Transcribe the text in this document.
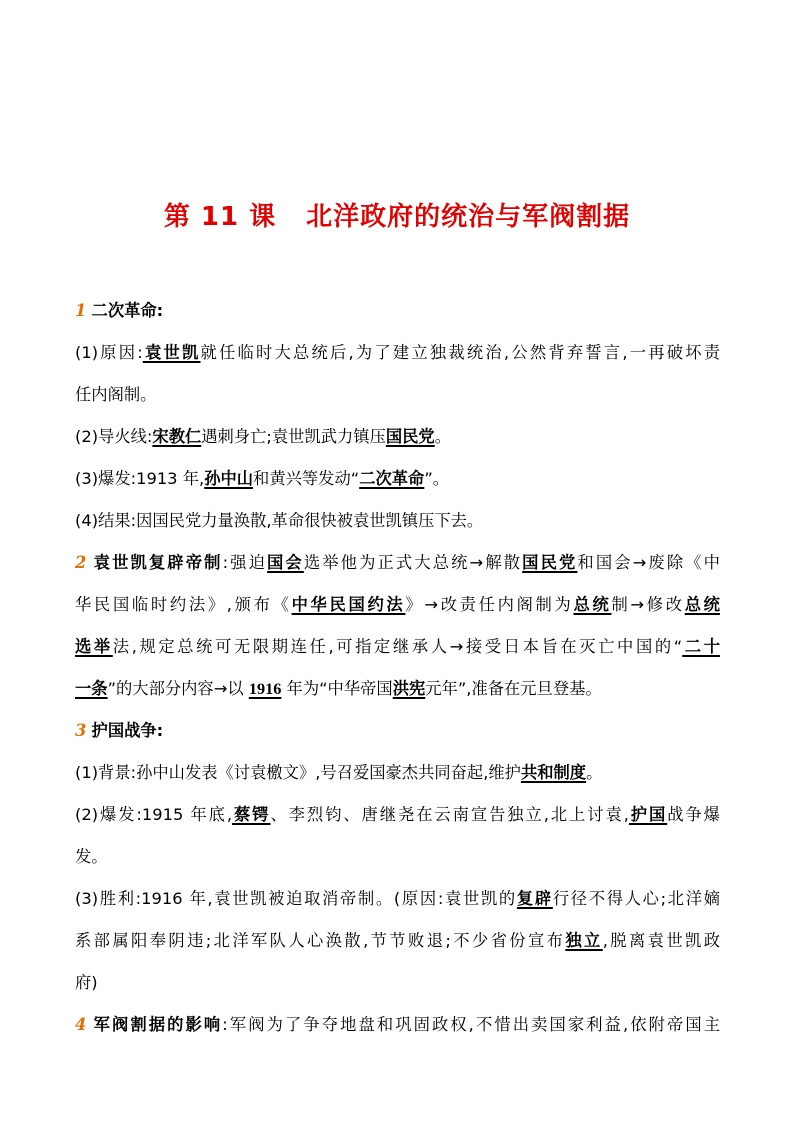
第 11 课 北洋政府的统治与军阀割据
1 二次革命:
(1)原因:袁世凯就任临时大总统后,为了建立独裁统治,公然背弃誓言,一再破坏责
任内阁制。
(2)导火线:宋教仁遇刺身亡;袁世凯武力镇压国民党。
(3)爆发:1913 年,孙中山和黄兴等发动“二次革命”。
(4)结果:因国民党力量涣散,革命很快被袁世凯镇压下去。
2 袁世凯复辟帝制:强迫国会选举他为正式大总统→解散国民党和国会→废除《中
华民国临时约法》,颁布《中华民国约法》→改责任内阁制为总统制→修改总统
选举法,规定总统可无限期连任,可指定继承人→接受日本旨在灭亡中国的“二十
一条”的大部分内容→以 1916 年为“中华帝国洪宪元年”,准备在元旦登基。
3 护国战争:
(1)背景:孙中山发表《讨袁檄文》,号召爱国豪杰共同奋起,维护共和制度。
(2)爆发:1915 年底,蔡锷、李烈钧、唐继尧在云南宣告独立,北上讨袁,护国战争爆
发。
(3)胜利:1916 年,袁世凯被迫取消帝制。(原因:袁世凯的复辟行径不得人心;北洋嫡
系部属阳奉阴违;北洋军队人心涣散,节节败退;不少省份宣布独立,脱离袁世凯政
府)
4 军阀割据的影响:军阀为了争夺地盘和巩固政权,不惜出卖国家利益,依附帝国主
